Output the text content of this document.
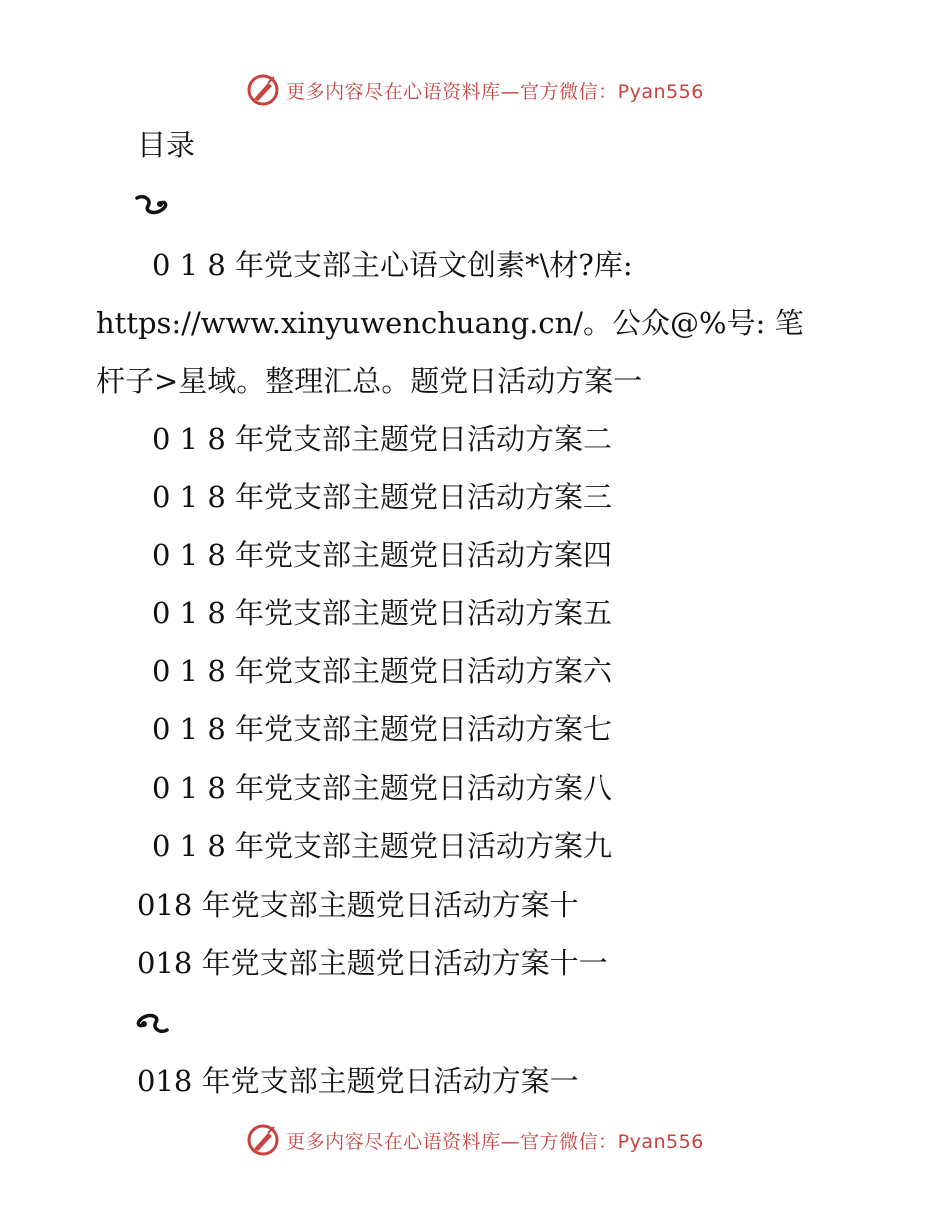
更多内容尽在心语资料库—官方微信：Pyan556
目录
0 1 8 年党支部主心语文创素*\材?库:
https://www.xinyuwenchuang.cn/。公众@%号: 笔
杆子>星域。整理汇总。题党日活动方案一
0 1 8 年党支部主题党日活动方案二
0 1 8 年党支部主题党日活动方案三
0 1 8 年党支部主题党日活动方案四
0 1 8 年党支部主题党日活动方案五
0 1 8 年党支部主题党日活动方案六
0 1 8 年党支部主题党日活动方案七
0 1 8 年党支部主题党日活动方案八
0 1 8 年党支部主题党日活动方案九
018 年党支部主题党日活动方案十
018 年党支部主题党日活动方案十一
018 年党支部主题党日活动方案一
更多内容尽在心语资料库—官方微信：Pyan556
